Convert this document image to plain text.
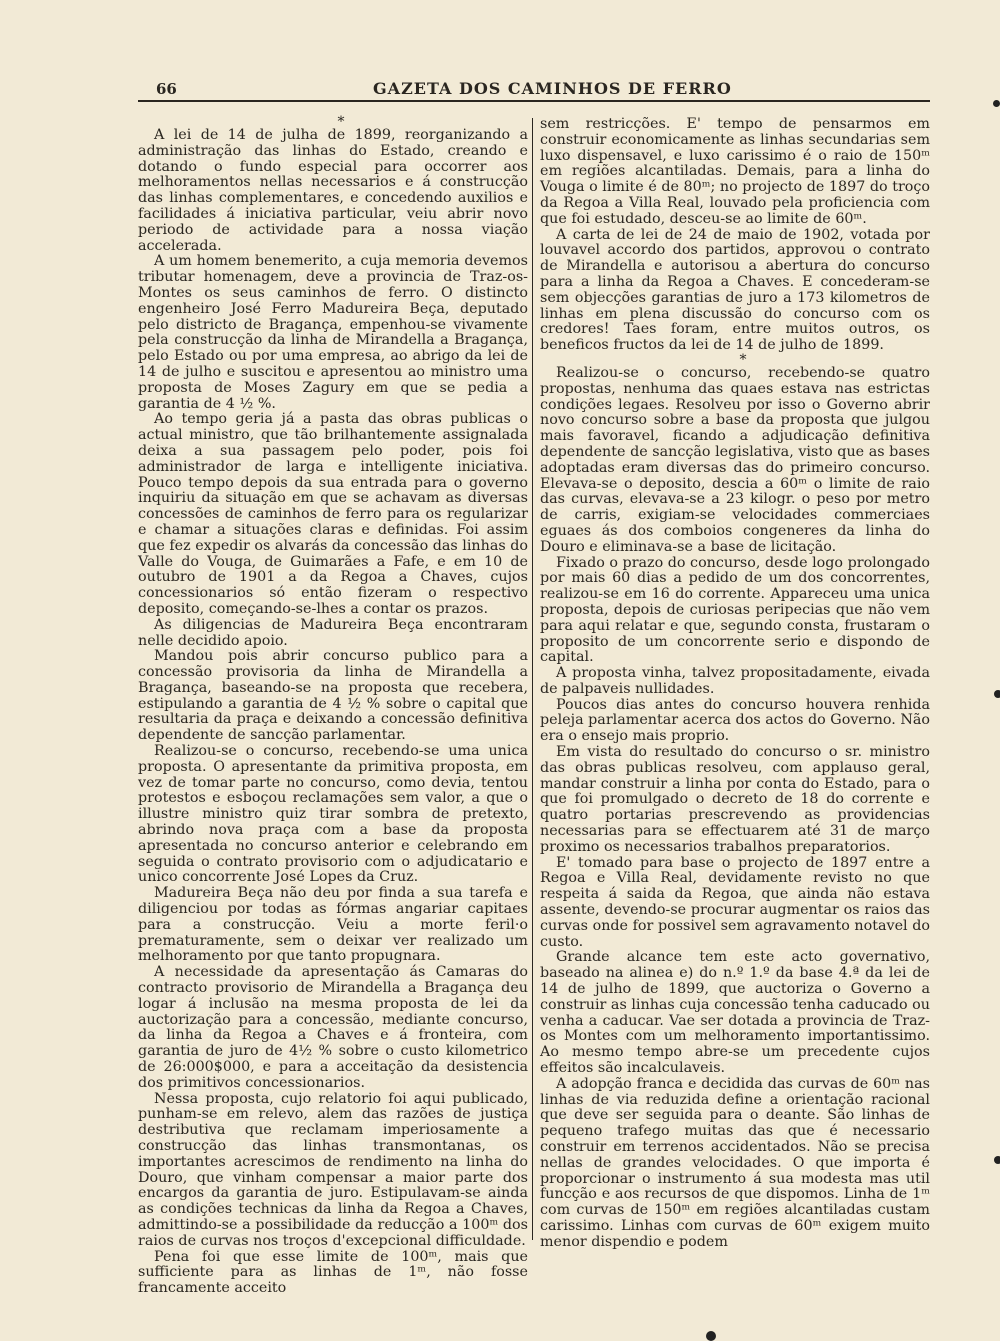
66	GAZETA DOS CAMINHOS DE FERRO

*

A lei de 14 de julha de 1899, reorganizando a administração das linhas do Estado, creando e dotando o fundo especial para occorrer aos melhoramentos nellas necessarios e á construcção das linhas complementares, e concedendo auxilios e facilidades á iniciativa particular, veiu abrir novo periodo de actividade para a nossa viação accelerada.

A um homem benemerito, a cuja memoria devemos tributar homenagem, deve a provincia de Traz-os-Montes os seus caminhos de ferro. O distincto engenheiro José Ferro Madureira Beça, deputado pelo districto de Bragança, empenhou-se vivamente pela construcção da linha de Mirandella a Bragança, pelo Estado ou por uma empresa, ao abrigo da lei de 14 de julho e suscitou e apresentou ao ministro uma proposta de Moses Zagury em que se pedia a garantia de 4 ½ %.

Ao tempo geria já a pasta das obras publicas o actual ministro, que tão brilhantemente assignalada deixa a sua passagem pelo poder, pois foi administrador de larga e intelligente iniciativa. Pouco tempo depois da sua entrada para o governo inquiriu da situação em que se achavam as diversas concessões de caminhos de ferro para os regularizar e chamar a situações claras e definidas. Foi assim que fez expedir os alvarás da concessão das linhas do Valle do Vouga, de Guimarães a Fafe, e em 10 de outubro de 1901 a da Regoa a Chaves, cujos concessionarios só então fizeram o respectivo deposito, começando-se-lhes a contar os prazos.

As diligencias de Madureira Beça encontraram nelle decidido apoio.

Mandou pois abrir concurso publico para a concessão provisoria da linha de Mirandella a Bragança, baseando-se na proposta que recebera, estipulando a garantia de 4 ½ % sobre o capital que resultaria da praça e deixando a concessão definitiva dependente de sancção parlamentar.

Realizou-se o concurso, recebendo-se uma unica proposta. O apresentante da primitiva proposta, em vez de tomar parte no concurso, como devia, tentou protestos e esboçou reclamações sem valor, a que o illustre ministro quiz tirar sombra de pretexto, abrindo nova praça com a base da proposta apresentada no concurso anterior e celebrando em seguida o contrato provisorio com o adjudicatario e unico concorrente José Lopes da Cruz.

Madureira Beça não deu por finda a sua tarefa e diligenciou por todas as fórmas angariar capitaes para a construcção. Veiu a morte feril·o prematuramente, sem o deixar ver realizado um melhoramento por que tanto propugnara.

A necessidade da apresentação ás Camaras do contracto provisorio de Mirandella a Bragança deu logar á inclusão na mesma proposta de lei da auctorização para a concessão, mediante concurso, da linha da Regoa a Chaves e á fronteira, com garantia de juro de 4½ % sobre o custo kilometrico de 26:000$000, e para a acceitação da desistencia dos primitivos concessionarios.

Nessa proposta, cujo relatorio foi aqui publicado, punham-se em relevo, alem das razões de justiça destributiva que reclamam imperiosamente a construcção das linhas transmontanas, os importantes acrescimos de rendimento na linha do Douro, que vinham compensar a maior parte dos encargos da garantia de juro. Estipulavam-se ainda as condições technicas da linha da Regoa a Chaves, admittindo-se a possibilidade da reducção a 100ᵐ dos raios de curvas nos troços d'excepcional difficuldade.

Pena foi que esse limite de 100ᵐ, mais que sufficiente para as linhas de 1ᵐ, não fosse francamente acceito

sem restricções. E' tempo de pensarmos em construir economicamente as linhas secundarias sem luxo dispensavel, e luxo carissimo é o raio de 150ᵐ em regiões alcantiladas. Demais, para a linha do Vouga o limite é de 80ᵐ; no projecto de 1897 do troço da Regoa a Villa Real, louvado pela proficiencia com que foi estudado, desceu-se ao limite de 60ᵐ.

A carta de lei de 24 de maio de 1902, votada por louvavel accordo dos partidos, approvou o contrato de Mirandella e autorisou a abertura do concurso para a linha da Regoa a Chaves. E concederam-se sem objecções garantias de juro a 173 kilometros de linhas em plena discussão do concurso com os credores! Taes foram, entre muitos outros, os beneficos fructos da lei de 14 de julho de 1899.

*

Realizou-se o concurso, recebendo-se quatro propostas, nenhuma das quaes estava nas estrictas condições legaes. Resolveu por isso o Governo abrir novo concurso sobre a base da proposta que julgou mais favoravel, ficando a adjudicação definitiva dependente de sancção legislativa, visto que as bases adoptadas eram diversas das do primeiro concurso. Elevava-se o deposito, descia a 60ᵐ o limite de raio das curvas, elevava-se a 23 kilogr. o peso por metro de carris, exigiam-se velocidades commerciaes eguaes ás dos comboios congeneres da linha do Douro e eliminava-se a base de licitação.

Fixado o prazo do concurso, desde logo prolongado por mais 60 dias a pedido de um dos concorrentes, realizou-se em 16 do corrente. Appareceu uma unica proposta, depois de curiosas peripecias que não vem para aqui relatar e que, segundo consta, frustaram o proposito de um concorrente serio e dispondo de capital.

A proposta vinha, talvez propositadamente, eivada de palpaveis nullidades.

Poucos dias antes do concurso houvera renhida peleja parlamentar acerca dos actos do Governo. Não era o ensejo mais proprio.

Em vista do resultado do concurso o sr. ministro das obras publicas resolveu, com applauso geral, mandar construir a linha por conta do Estado, para o que foi promulgado o decreto de 18 do corrente e quatro portarias prescrevendo as providencias necessarias para se effectuarem até 31 de março proximo os necessarios trabalhos preparatorios.

E' tomado para base o projecto de 1897 entre a Regoa e Villa Real, devidamente revisto no que respeita á saida da Regoa, que ainda não estava assente, devendo-se procurar augmentar os raios das curvas onde for possivel sem agravamento notavel do custo.

Grande alcance tem este acto governativo, baseado na alinea e) do n.º 1.º da base 4.ª da lei de 14 de julho de 1899, que auctoriza o Governo a construir as linhas cuja concessão tenha caducado ou venha a caducar. Vae ser dotada a provincia de Traz-os Montes com um melhoramento importantissimo. Ao mesmo tempo abre-se um precedente cujos effeitos são incalculaveis.

A adopção franca e decidida das curvas de 60ᵐ nas linhas de via reduzida define a orientação racional que deve ser seguida para o deante. São linhas de pequeno trafego muitas das que é necessario construir em terrenos accidentados. Não se precisa nellas de grandes velocidades. O que importa é proporcionar o instrumento á sua modesta mas util funcção e aos recursos de que dispomos. Linha de 1ᵐ com curvas de 150ᵐ em regiões alcantiladas custam carissimo. Linhas com curvas de 60ᵐ exigem muito menor dispendio e podem
